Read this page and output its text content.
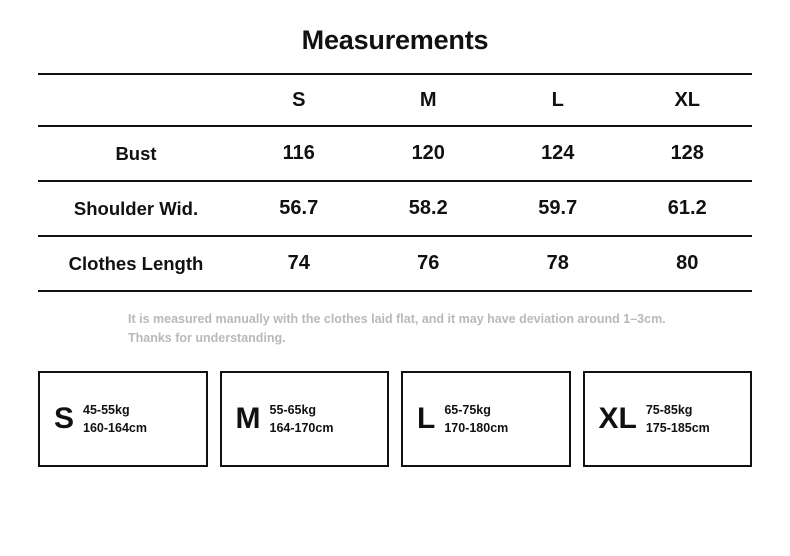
Measurements
	S	M	L	XL
Bust	116	120	124	128
Shoulder Wid.	56.7	58.2	59.7	61.2
Clothes Length	74	76	78	80
It is measured manually with the clothes laid flat, and it may have deviation around 1–3cm. Thanks for understanding.
S 45-55kg
160-164cm	M 55-65kg
164-170cm	L 65-75kg
170-180cm	XL 75-85kg
175-185cm
